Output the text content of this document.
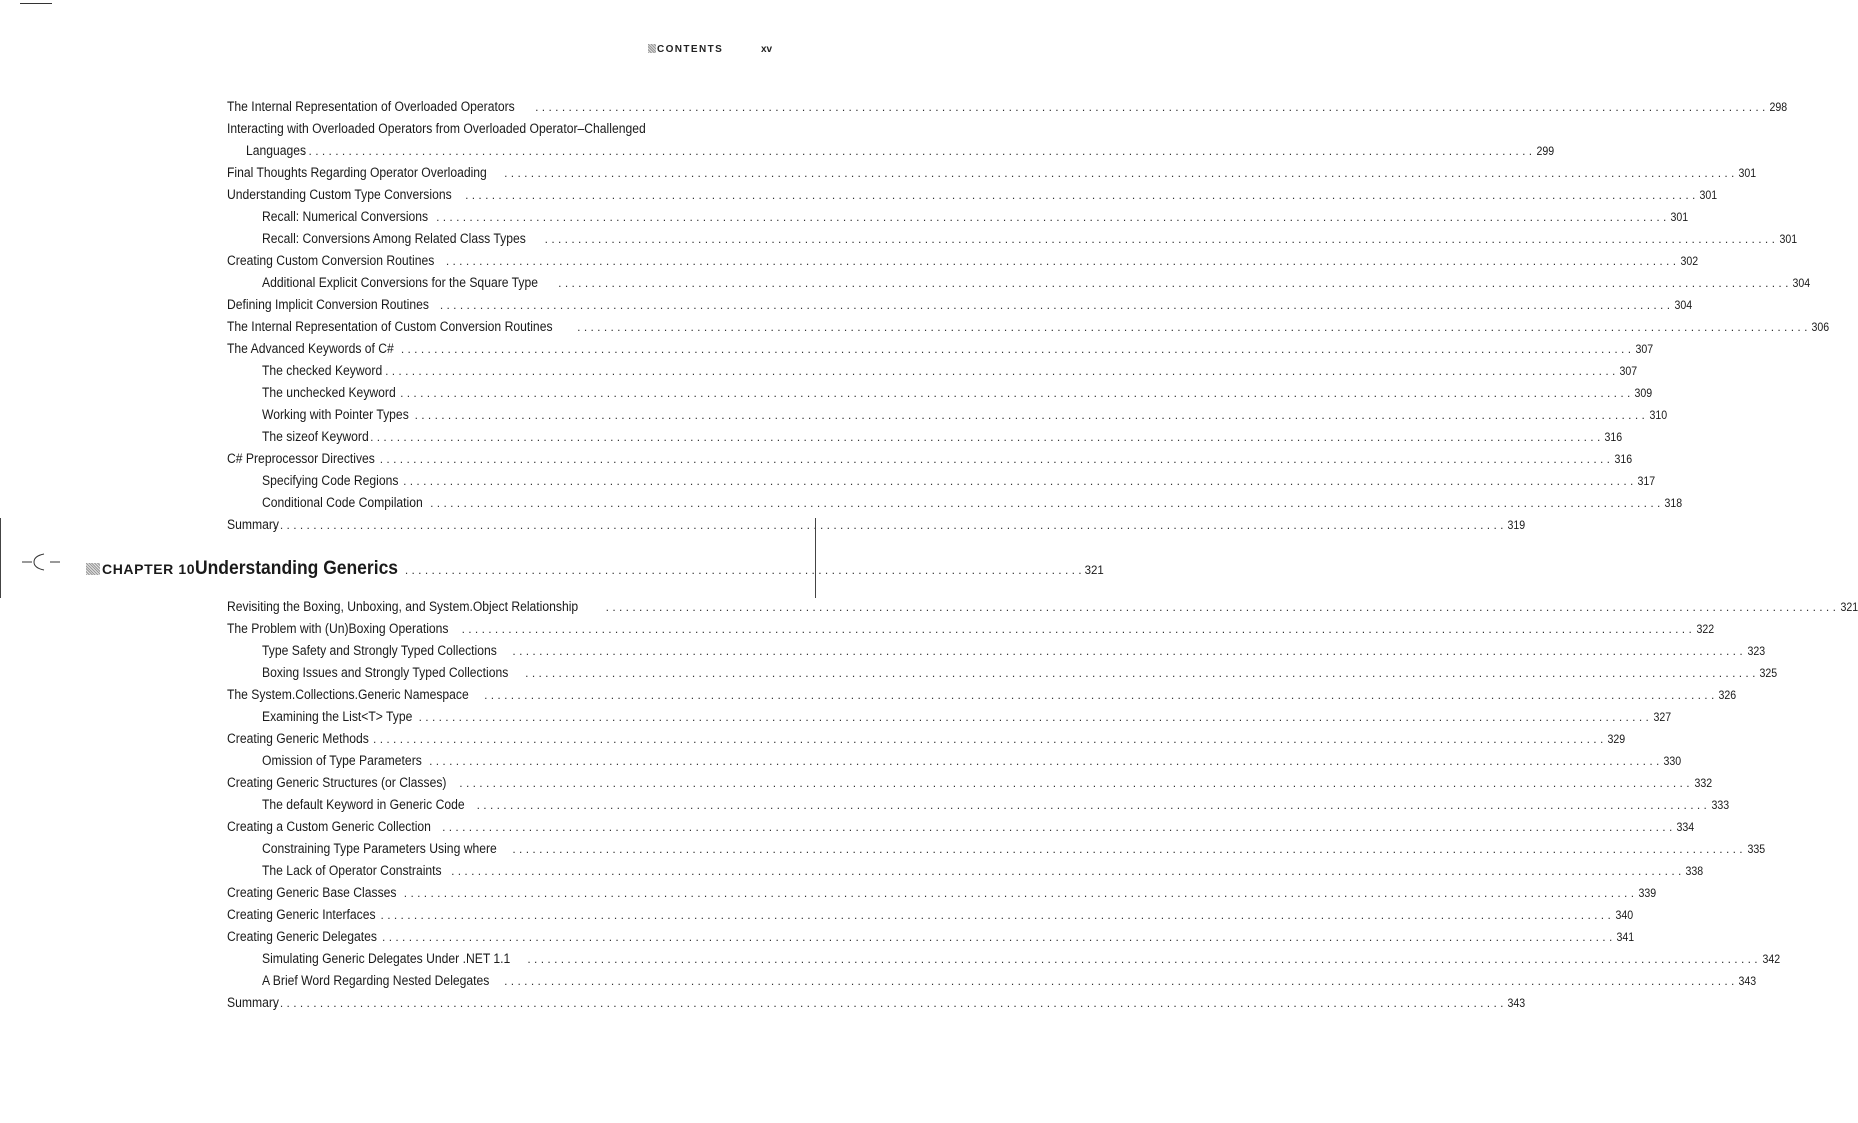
CONTENTS	xv
The Internal Representation of Overloaded Operators . . .	298
Interacting with Overloaded Operators from Overloaded Operator–Challenged
Languages . . .	299
Final Thoughts Regarding Operator Overloading . . .	301
Understanding Custom Type Conversions . . .	301
Recall: Numerical Conversions . . .	301
Recall: Conversions Among Related Class Types . . .	301
Creating Custom Conversion Routines . . .	302
Additional Explicit Conversions for the Square Type . . .	304
Defining Implicit Conversion Routines . . .	304
The Internal Representation of Custom Conversion Routines . . .	306
The Advanced Keywords of C# . . .	307
The checked Keyword . . .	307
The unchecked Keyword . . .	309
Working with Pointer Types . . .	310
The sizeof Keyword . . .	316
C# Preprocessor Directives . . .	316
Specifying Code Regions . . .	317
Conditional Code Compilation . . .	318
Summary . . .	319
CHAPTER 10 Understanding Generics . . .	321
Revisiting the Boxing, Unboxing, and System.Object Relationship . . .	321
The Problem with (Un)Boxing Operations . . .	322
Type Safety and Strongly Typed Collections . . .	323
Boxing Issues and Strongly Typed Collections . . .	325
The System.Collections.Generic Namespace . . .	326
Examining the List<T> Type . . .	327
Creating Generic Methods . . .	329
Omission of Type Parameters . . .	330
Creating Generic Structures (or Classes) . . .	332
The default Keyword in Generic Code . . .	333
Creating a Custom Generic Collection . . .	334
Constraining Type Parameters Using where . . .	335
The Lack of Operator Constraints . . .	338
Creating Generic Base Classes . . .	339
Creating Generic Interfaces . . .	340
Creating Generic Delegates . . .	341
Simulating Generic Delegates Under .NET 1.1 . . .	342
A Brief Word Regarding Nested Delegates . . .	343
Summary . . .	343
